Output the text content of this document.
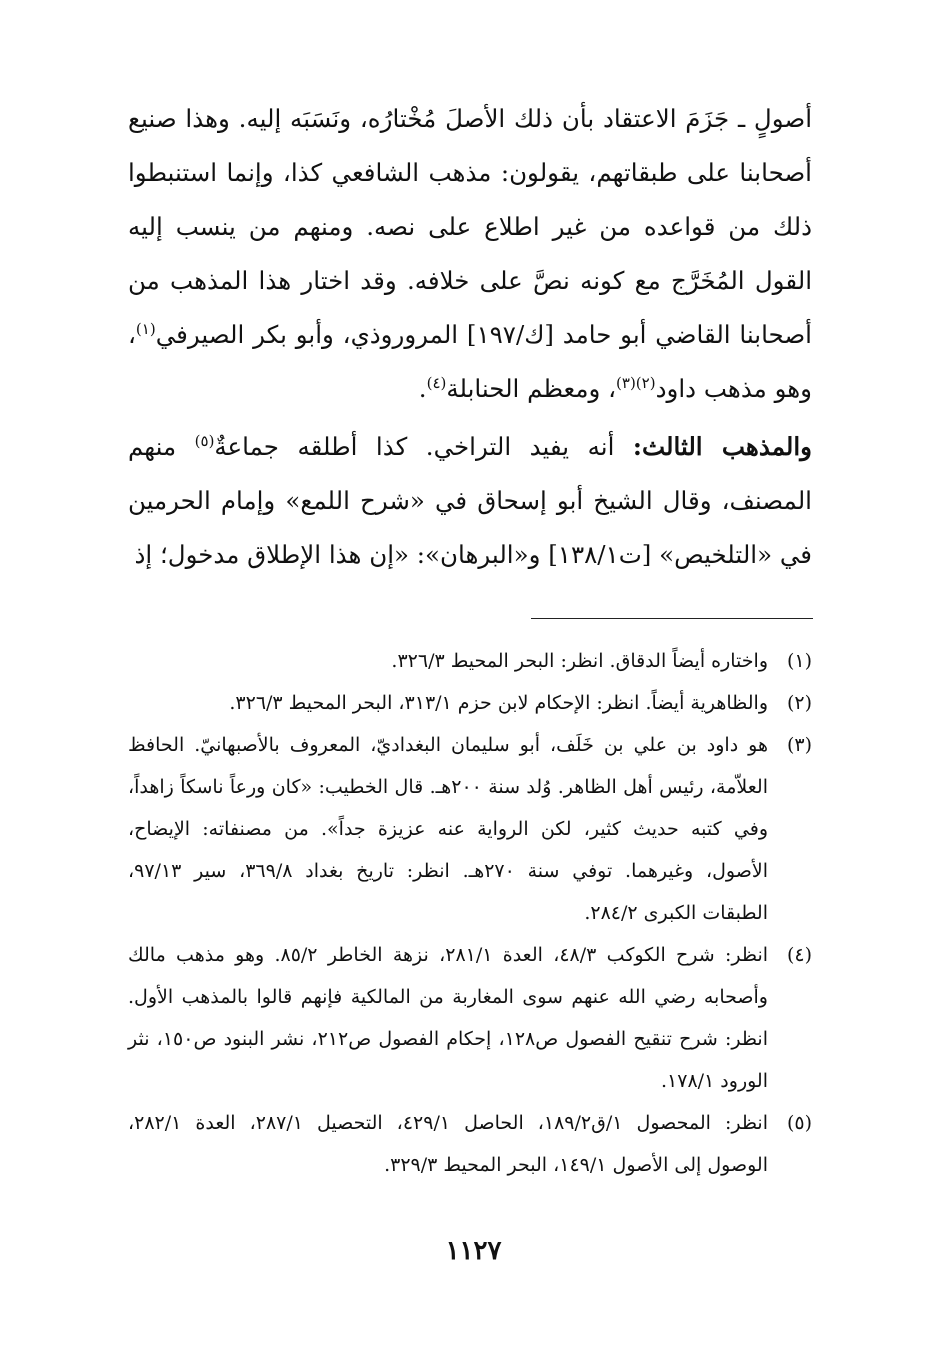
أصولٍ ـ جَزَمَ الاعتقاد بأن ذلك الأصلَ مُخْتارُه، ونَسَبَه إليه. وهذا صنيع أصحابنا على طبقاتهم، يقولون: مذهب الشافعي كذا، وإنما استنبطوا ذلك من قواعده من غير اطلاع على نصه. ومنهم من ينسب إليه القول المُخَرَّج مع كونه نصَّ على خلافه. وقد اختار هذا المذهب من أصحابنا القاضي أبو حامد [ك/١٩٧] المروروذي، وأبو بكر الصيرفي$^{(١)}$، وهو مذهب داود$^{(٢)(٣)}$، ومعظم الحنابلة$^{(٤)}$.

والمذهب الثالث: أنه يفيد التراخي. كذا أطلقه جماعةٌ$^{(٥)}$ منهم المصنف، وقال الشيخ أبو إسحاق في «شرح اللمع» وإمام الحرمين في «التلخيص» [ت١٣٨/١] و«البرهان»: «إن هذا الإطلاق مدخول؛ إذ

(١)
واختاره أيضاً الدقاق. انظر: البحر المحيط ٣٢٦/٣.
(٢)
والظاهرية أيضاً. انظر: الإحكام لابن حزم ٣١٣/١، البحر المحيط ٣٢٦/٣.
(٣)
هو داود بن علي بن خَلَف، أبو سليمان البغداديّ، المعروف بالأصبهانيّ. الحافظ العلاّمة، رئيس أهل الظاهر. وُلد سنة ٢٠٠هـ. قال الخطيب: «كان ورعاً ناسكاً زاهداً، وفي كتبه حديث كثير، لكن الرواية عنه عزيزة جداً». من مصنفاته: الإيضاح، الأصول، وغيرهما. توفي سنة ٢٧٠هـ. انظر: تاريخ بغداد ٣٦٩/٨، سير ٩٧/١٣، الطبقات الكبرى ٢٨٤/٢.
(٤)
انظر: شرح الكوكب ٤٨/٣، العدة ٢٨١/١، نزهة الخاطر ٨٥/٢. وهو مذهب مالك وأصحابه رضي الله عنهم سوى المغاربة من المالكية فإنهم قالوا بالمذهب الأول. انظر: شرح تنقيح الفصول ص١٢٨، إحكام الفصول ص٢١٢، نشر البنود ص١٥٠، نثر الورود ١٧٨/١.
(٥)
انظر: المحصول ١/ق١٨٩/٢، الحاصل ٤٢٩/١، التحصيل ٢٨٧/١، العدة ٢٨٢/١، الوصول إلى الأصول ١٤٩/١، البحر المحيط ٣٢٩/٣.
١١٢٧
